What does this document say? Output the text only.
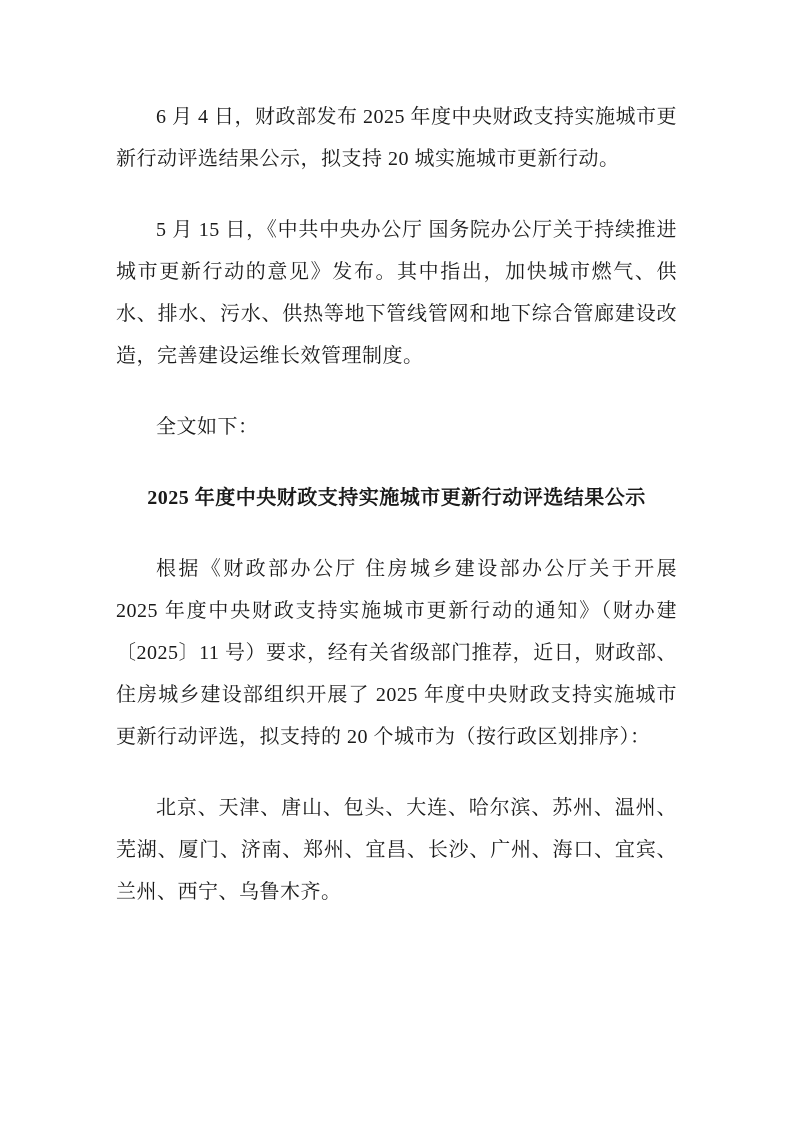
6 月 4 日，财政部发布 2025 年度中央财政支持实施城市更新行动评选结果公示，拟支持 20 城实施城市更新行动。

5 月 15 日，《中共中央办公厅 国务院办公厅关于持续推进城市更新行动的意见》发布。其中指出，加快城市燃气、供水、排水、污水、供热等地下管线管网和地下综合管廊建设改造，完善建设运维长效管理制度。

全文如下：

2025 年度中央财政支持实施城市更新行动评选结果公示

根据《财政部办公厅 住房城乡建设部办公厅关于开展 2025 年度中央财政支持实施城市更新行动的通知》（财办建〔2025〕11 号）要求，经有关省级部门推荐，近日，财政部、住房城乡建设部组织开展了 2025 年度中央财政支持实施城市更新行动评选，拟支持的 20 个城市为（按行政区划排序）：

北京、天津、唐山、包头、大连、哈尔滨、苏州、温州、芜湖、厦门、济南、郑州、宜昌、长沙、广州、海口、宜宾、兰州、西宁、乌鲁木齐。
